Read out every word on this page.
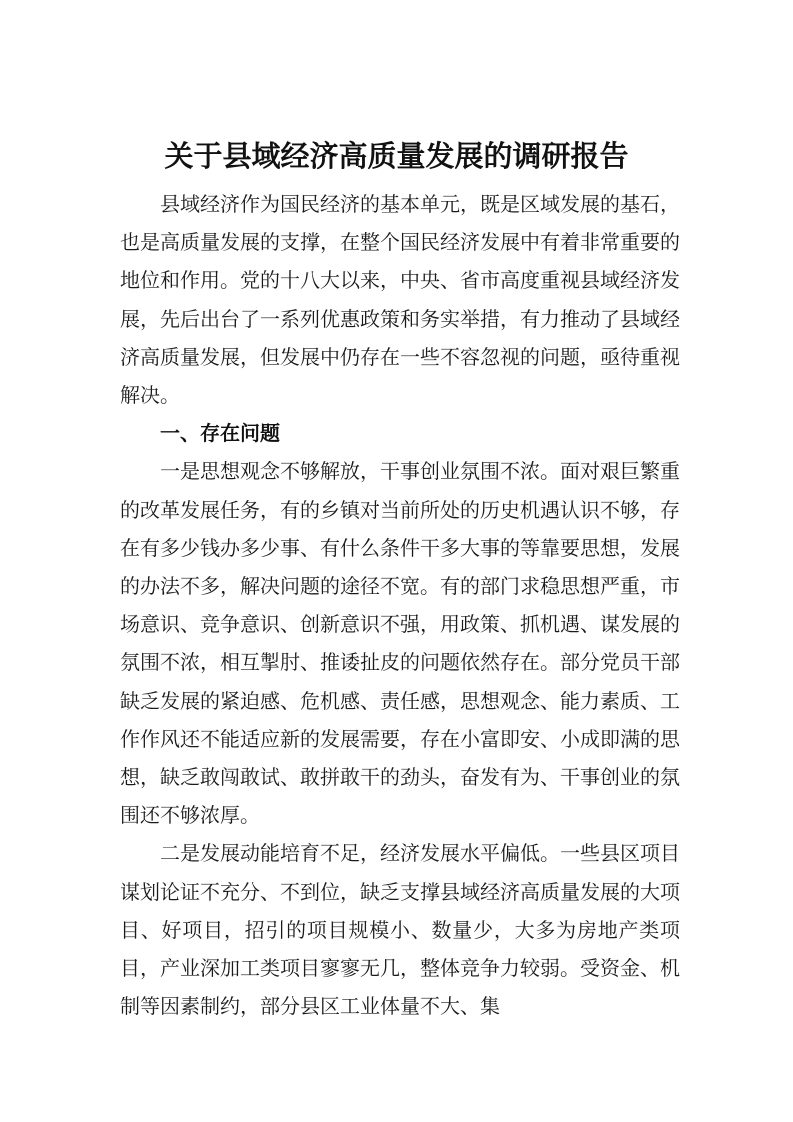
关于县域经济高质量发展的调研报告

县域经济作为国民经济的基本单元，既是区域发展的基石，也是高质量发展的支撑，在整个国民经济发展中有着非常重要的地位和作用。党的十八大以来，中央、省市高度重视县域经济发展，先后出台了一系列优惠政策和务实举措，有力推动了县域经济高质量发展，但发展中仍存在一些不容忽视的问题，亟待重视解决。

一、存在问题

一是思想观念不够解放，干事创业氛围不浓。面对艰巨繁重的改革发展任务，有的乡镇对当前所处的历史机遇认识不够，存在有多少钱办多少事、有什么条件干多大事的等靠要思想，发展的办法不多，解决问题的途径不宽。有的部门求稳思想严重，市场意识、竞争意识、创新意识不强，用政策、抓机遇、谋发展的氛围不浓，相互掣肘、推诿扯皮的问题依然存在。部分党员干部缺乏发展的紧迫感、危机感、责任感，思想观念、能力素质、工作作风还不能适应新的发展需要，存在小富即安、小成即满的思想，缺乏敢闯敢试、敢拼敢干的劲头，奋发有为、干事创业的氛围还不够浓厚。

二是发展动能培育不足，经济发展水平偏低。一些县区项目谋划论证不充分、不到位，缺乏支撑县域经济高质量发展的大项目、好项目，招引的项目规模小、数量少，大多为房地产类项目，产业深加工类项目寥寥无几，整体竞争力较弱。受资金、机制等因素制约，部分县区工业体量不大、集
